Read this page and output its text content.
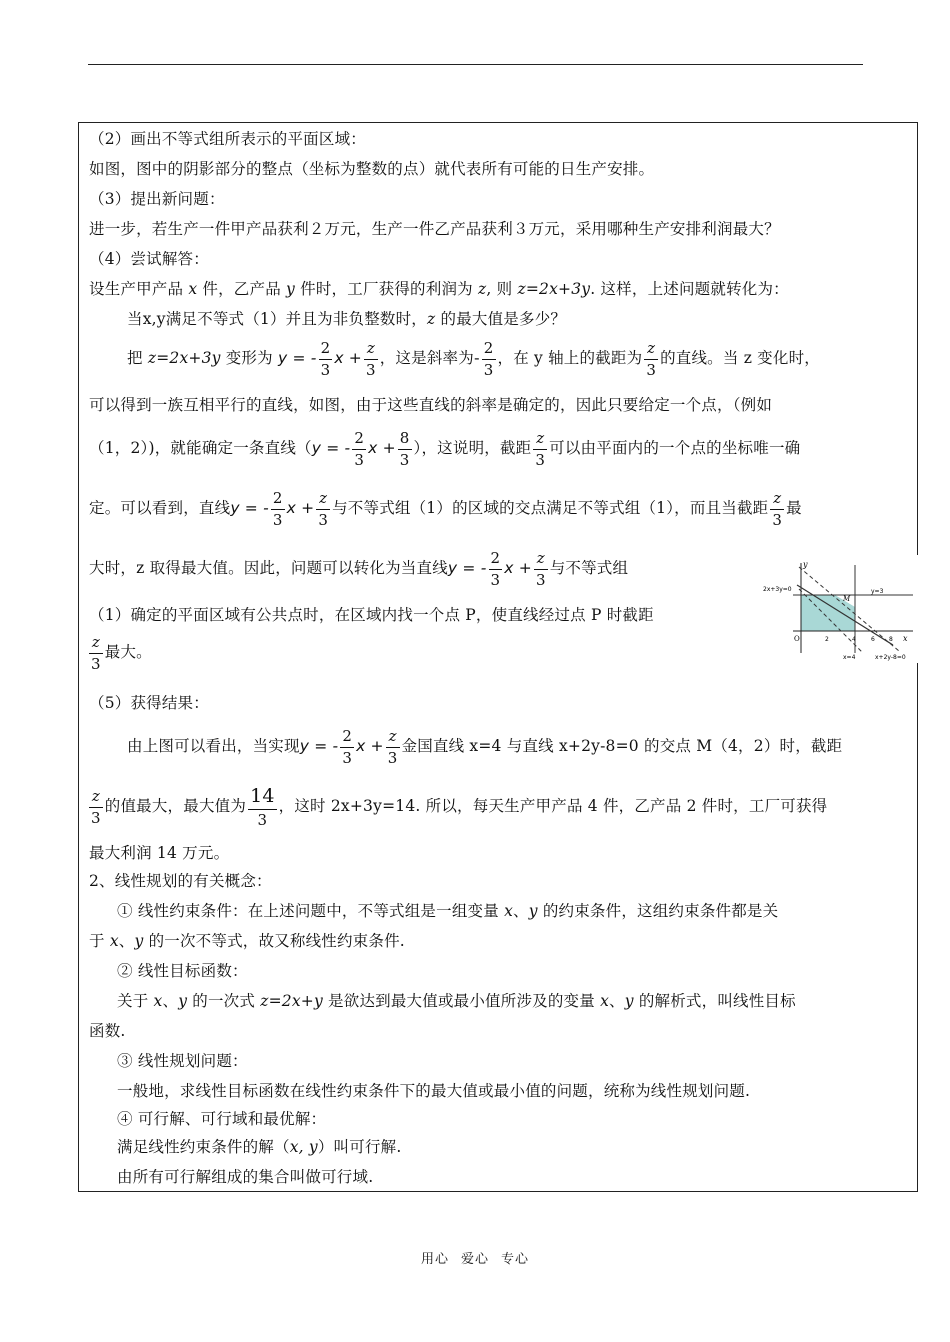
（2）画出不等式组所表示的平面区域：
如图，图中的阴影部分的整点（坐标为整数的点）就代表所有可能的日生产安排。
（3）提出新问题：
进一步，若生产一件甲产品获利２万元，生产一件乙产品获利３万元，采用哪种生产安排利润最大？
（4）尝试解答：
设生产甲产品 x 件，乙产品 y 件时，工厂获得的利润为 z, 则 z=2x+3y. 这样，上述问题就转化为：
当x,y满足不等式（1）并且为非负整数时，z 的最大值是多少？
把 z=2x+3y 变形为 y = - $\frac{2}{3}$ $x + \frac{z}{3}$ ，这是斜率为- $\frac{2}{3}$ ，在 y 轴上的截距为 $\frac{z}{3}$ 的直线。当 z 变化时，
可以得到一族互相平行的直线，如图，由于这些直线的斜率是确定的，因此只要给定一个点，（例如
（1，2）)，就能确定一条直线（y = - $\frac{2}{3}$ $x + \frac{8}{3}$ ），这说明，截距 $\frac{z}{3}$ 可以由平面内的一个点的坐标唯一确
定。可以看到，直线y = - $\frac{2}{3}$ $x + \frac{z}{3}$ 与不等式组（1）的区域的交点满足不等式组（1），而且当截距 $\frac{z}{3}$ 最
大时，z 取得最大值。因此，问题可以转化为当直线y = - $\frac{2}{3}$ $x + \frac{z}{3}$ 与不等式组
（1）确定的平面区域有公共点时，在区域内找一个点 P，使直线经过点 P 时截距
$\frac{z}{3}$ 最大。
（5）获得结果：
由上图可以看出，当实现y = - $\frac{2}{3}$ $x + \frac{z}{3}$ 金国直线 x=4 与直线 x+2y-8=0 的交点 M（4，2）时，截距
$\frac{z}{3}$ 的值最大，最大值为 $\frac{14}{3}$ ，这时 2x+3y=14. 所以，每天生产甲产品 4 件，乙产品 2 件时，工厂可获得
最大利润 14 万元。
2、线性规划的有关概念：
① 线性约束条件：在上述问题中，不等式组是一组变量 x、y 的约束条件，这组约束条件都是关
于 x、y 的一次不等式，故又称线性约束条件.
② 线性目标函数：
关于 x、y 的一次式 z=2x+y 是欲达到最大值或最小值所涉及的变量 x、y 的解析式，叫线性目标
函数.
③ 线性规划问题：
一般地，求线性目标函数在线性约束条件下的最大值或最小值的问题，统称为线性规划问题.
④ 可行解、可行域和最优解：
满足线性约束条件的解（x, y）叫可行解.
由所有可行解组成的集合叫做可行域.
y
x
O
2x+3y=0	y=3
M
x=4	x+2y-8=0
2	4	6 8
用心 爱心 专心
